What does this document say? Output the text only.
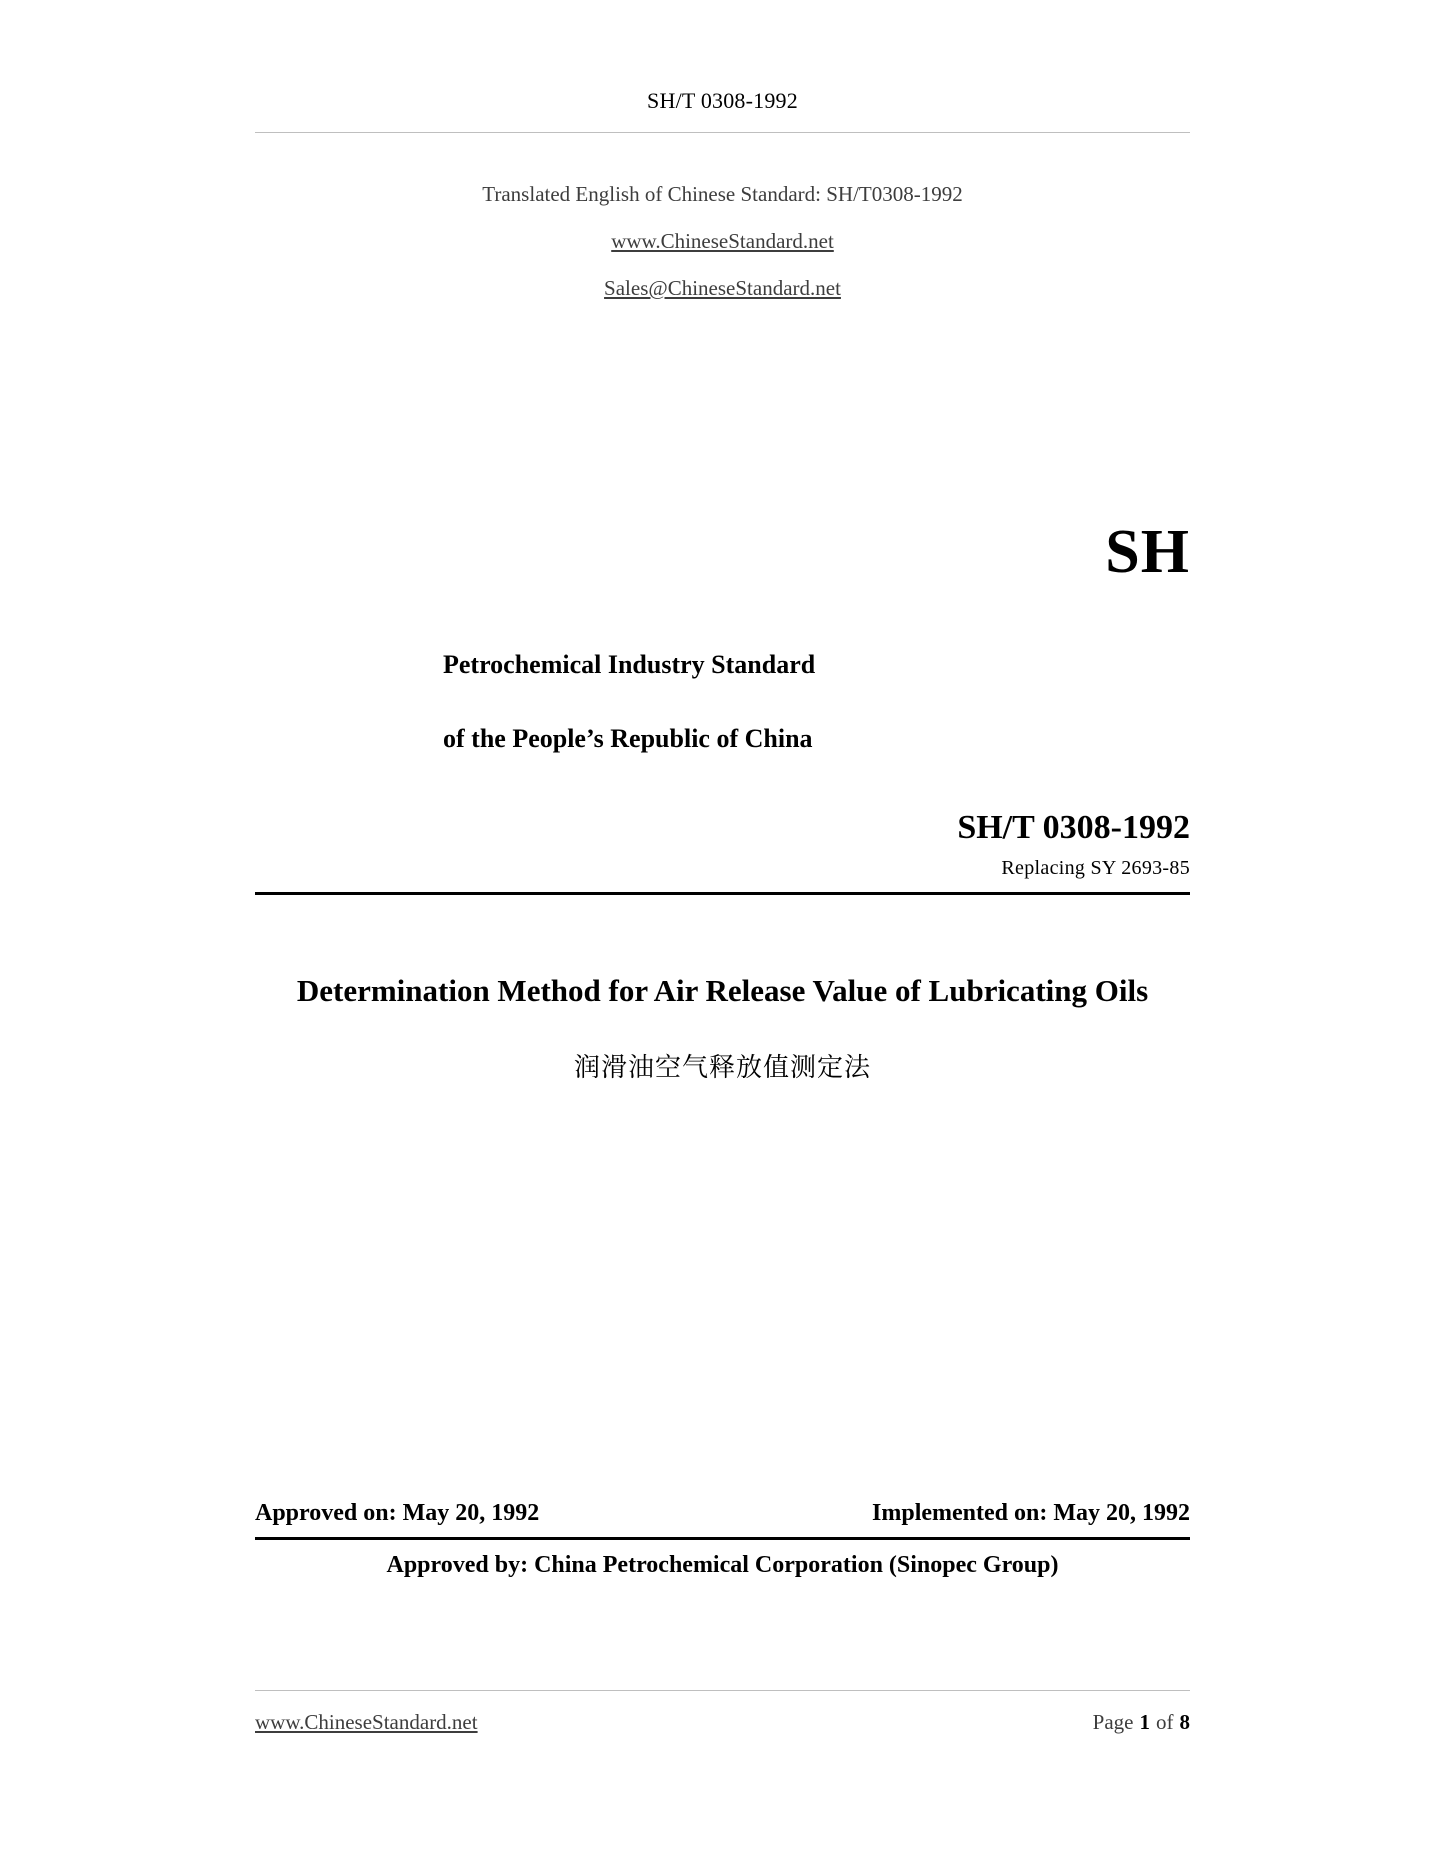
SH/T 0308-1992
Translated English of Chinese Standard: SH/T0308-1992
www.ChineseStandard.net
Sales@ChineseStandard.net
SH
Petrochemical Industry Standard
of the People’s Republic of China
SH/T 0308-1992
Replacing SY 2693-85
Determination Method for Air Release Value of Lubricating Oils
润滑油空气释放值测定法
Approved on: May 20, 1992	Implemented on: May 20, 1992
Approved by: China Petrochemical Corporation (Sinopec Group)
www.ChineseStandard.net	Page 1 of 8
